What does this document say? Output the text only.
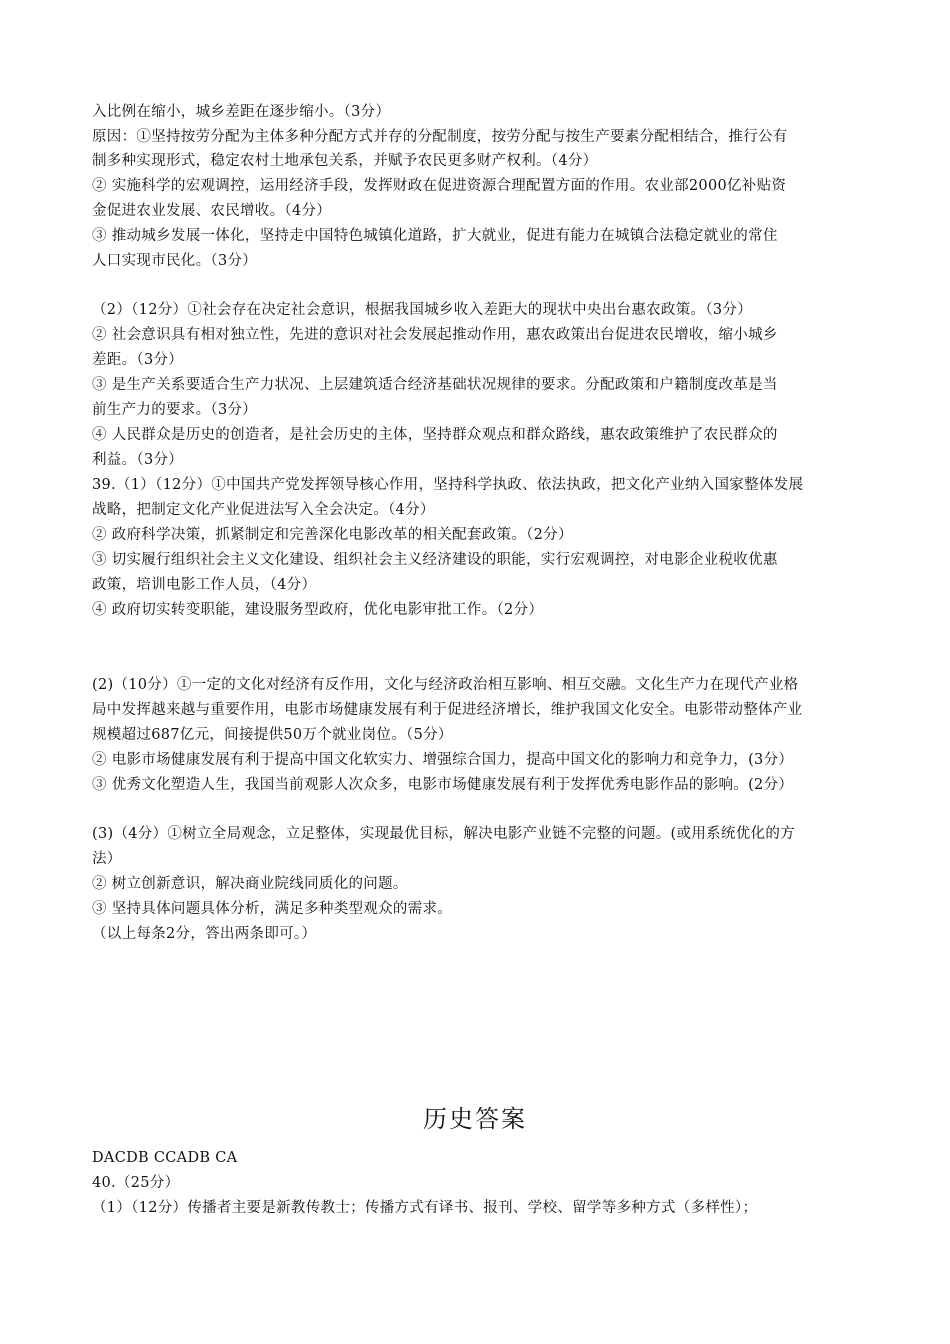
入比例在缩小，城乡差距在逐步缩小。（3分）
原因：①坚持按劳分配为主体多种分配方式并存的分配制度，按劳分配与按生产要素分配相结合，推行公有
制多种实现形式，稳定农村土地承包关系，并赋予农民更多财产权利。（4分）
② 实施科学的宏观调控，运用经济手段，发挥财政在促进资源合理配置方面的作用。农业部2000亿补贴资
金促进农业发展、农民增收。（4分）
③ 推动城乡发展一体化，坚持走中国特色城镇化道路，扩大就业，促进有能力在城镇合法稳定就业的常住
人口实现市民化。（3分）
（2）（12分）①社会存在决定社会意识，根据我国城乡收入差距大的现状中央出台惠农政策。（3分）
② 社会意识具有相对独立性，先进的意识对社会发展起推动作用，惠农政策出台促进农民增收，缩小城乡
差距。（3分）
③ 是生产关系要适合生产力状况、上层建筑适合经济基础状况规律的要求。分配政策和户籍制度改革是当
前生产力的要求。（3分）
④ 人民群众是历史的创造者，是社会历史的主体，坚持群众观点和群众路线，惠农政策维护了农民群众的
利益。（3分）
39.（1）（12分）①中国共产党发挥领导核心作用，坚持科学执政、依法执政，把文化产业纳入国家整体发展
战略，把制定文化产业促进法写入全会决定。（4分）
② 政府科学决策，抓紧制定和完善深化电影改革的相关配套政策。（2分）
③ 切实履行组织社会主义文化建设、组织社会主义经济建设的职能，实行宏观调控，对电影企业税收优惠
政策，培训电影工作人员，（4分）
④ 政府切实转变职能，建设服务型政府，优化电影审批工作。（2分）
(2)（10分）①一定的文化对经济有反作用，文化与经济政治相互影响、相互交融。文化生产力在现代产业格
局中发挥越来越与重要作用，电影市场健康发展有利于促进经济增长，维护我国文化安全。电影带动整体产业
规模超过687亿元，间接提供50万个就业岗位。（5分）
② 电影市场健康发展有利于提高中国文化软实力、增强综合国力，提高中国文化的影响力和竞争力，(3分）
③ 优秀文化塑造人生，我国当前观影人次众多，电影市场健康发展有利于发挥优秀电影作品的影响。(2分）
(3)（4分）①树立全局观念，立足整体，实现最优目标，解决电影产业链不完整的问题。(或用系统优化的方
法）
② 树立创新意识，解决商业院线同质化的问题。
③ 坚持具体问题具体分析，满足多种类型观众的需求。
（以上每条2分，答出两条即可。）
历史答案
DACDB CCADB CA
40.（25分）
（1）（12分）传播者主要是新教传教士；传播方式有译书、报刊、学校、留学等多种方式（多样性）；
